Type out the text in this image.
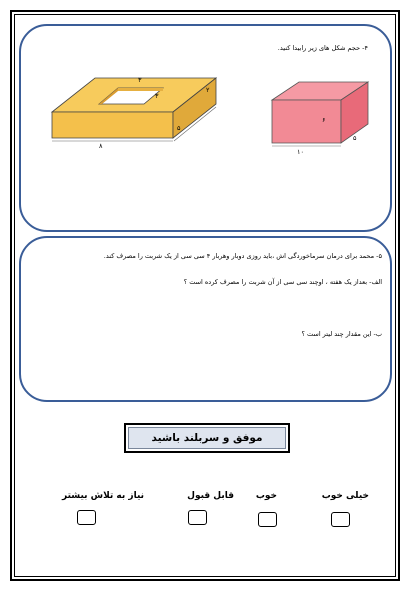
۴- حجم شکل های زیر رابیدا کنید.
۸
۵
۲
۳
۳
۱۰
۵
۶
۵- محمد برای درمان سرماخوردگی اش ،باید روزی دوبار وهربار ۴ سی سی از یک شربت را مصرف کند.
الف- بعداز یک هفته ، اوچند سی سی از آن شربت را مصرف کرده است ؟
ب- این مقدار چند لیتر است ؟
موفق و سربلند باشید
خیلی خوب
خوب
قابل قبول
نیاز به تلاش بیشتر
